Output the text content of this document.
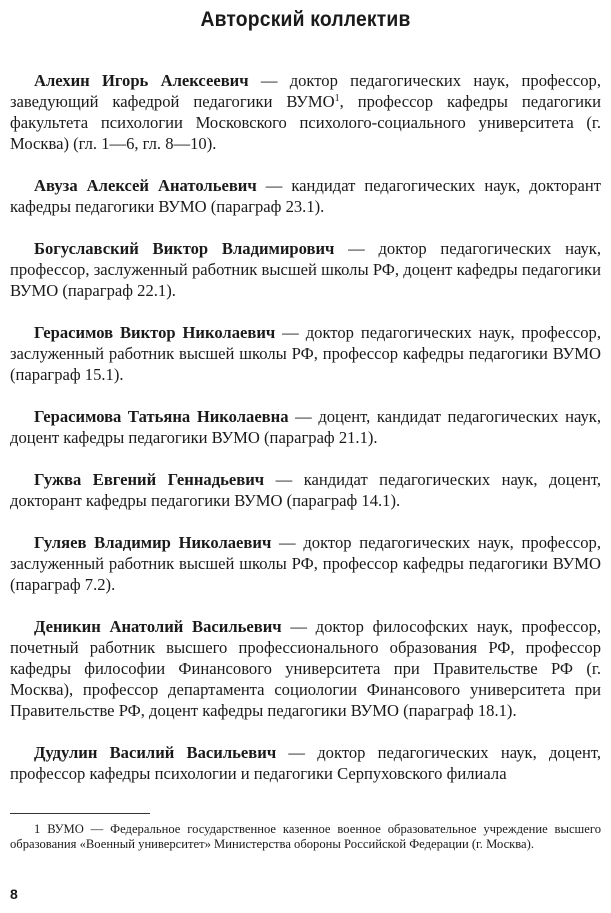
Авторский коллектив

Алехин Игорь Алексеевич — доктор педагогических наук, профессор, заведующий кафедрой педагогики ВУМО$^1$, профессор кафедры педагогики факультета психологии Московского психолого-социального университета (г. Москва) (гл. 1—6, гл. 8—10).

Авуза Алексей Анатольевич — кандидат педагогических наук, докторант кафедры педагогики ВУМО (параграф 23.1).

Богуславский Виктор Владимирович — доктор педагогических наук, профессор, заслуженный работник высшей школы РФ, доцент кафедры педагогики ВУМО (параграф 22.1).

Герасимов Виктор Николаевич — доктор педагогических наук, профессор, заслуженный работник высшей школы РФ, профессор кафедры педагогики ВУМО (параграф 15.1).

Герасимова Татьяна Николаевна — доцент, кандидат педагогических наук, доцент кафедры педагогики ВУМО (параграф 21.1).

Гужва Евгений Геннадьевич — кандидат педагогических наук, доцент, докторант кафедры педагогики ВУМО (параграф 14.1).

Гуляев Владимир Николаевич — доктор педагогических наук, профессор, заслуженный работник высшей школы РФ, профессор кафедры педагогики ВУМО (параграф 7.2).

Деникин Анатолий Васильевич — доктор философских наук, профессор, почетный работник высшего профессионального образования РФ, профессор кафедры философии Финансового университета при Правительстве РФ (г. Москва), профессор департамента социологии Финансового университета при Правительстве РФ, доцент кафедры педагогики ВУМО (параграф 18.1).

Дудулин Василий Васильевич — доктор педагогических наук, доцент, профессор кафедры психологии и педагогики Серпуховского филиала

1 ВУМО — Федеральное государственное казенное военное образовательное учреждение высшего образования «Военный университет» Министерства обороны Российской Федерации (г. Москва).
8
